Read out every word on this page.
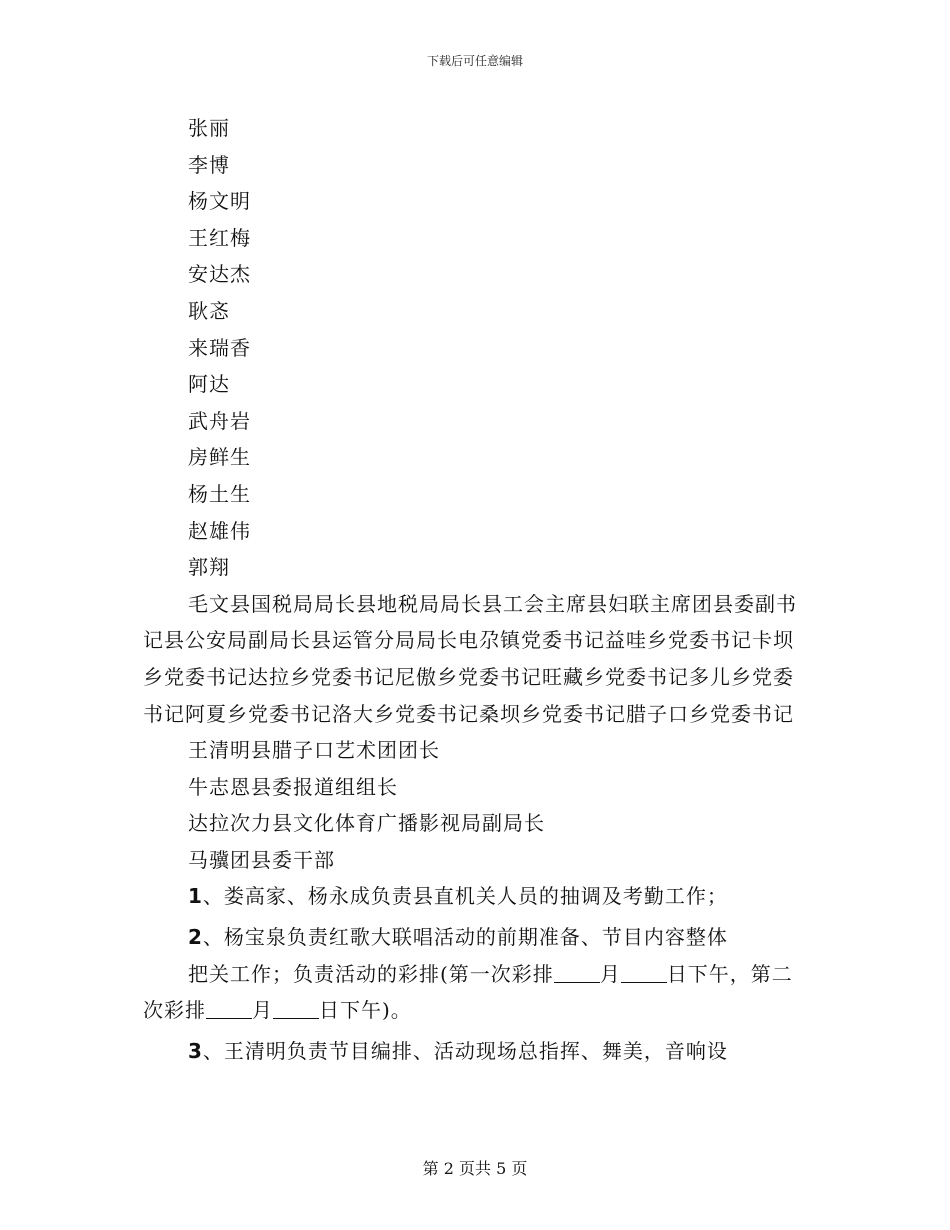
下载后可任意编辑
张丽
李博
杨文明
王红梅
安达杰
耿忞
来瑞香
阿达
武舟岩
房鲜生
杨土生
赵雄伟
郭翔
毛文县国税局局长县地税局局长县工会主席县妇联主席团县委副书记县公安局副局长县运管分局局长电尕镇党委书记益哇乡党委书记卡坝乡党委书记达拉乡党委书记尼傲乡党委书记旺藏乡党委书记多儿乡党委书记阿夏乡党委书记洛大乡党委书记桑坝乡党委书记腊子口乡党委书记
王清明县腊子口艺术团团长
牛志恩县委报道组组长
达拉次力县文化体育广播影视局副局长
马骥团县委干部
1、娄高家、杨永成负责县直机关人员的抽调及考勤工作；
2、杨宝泉负责红歌大联唱活动的前期准备、节目内容整体
把关工作；负责活动的彩排(第一次彩排 月 日下午，第二
次彩排 月 日下午)。
3、王清明负责节目编排、活动现场总指挥、舞美，音响设
第 2 页共 5 页
